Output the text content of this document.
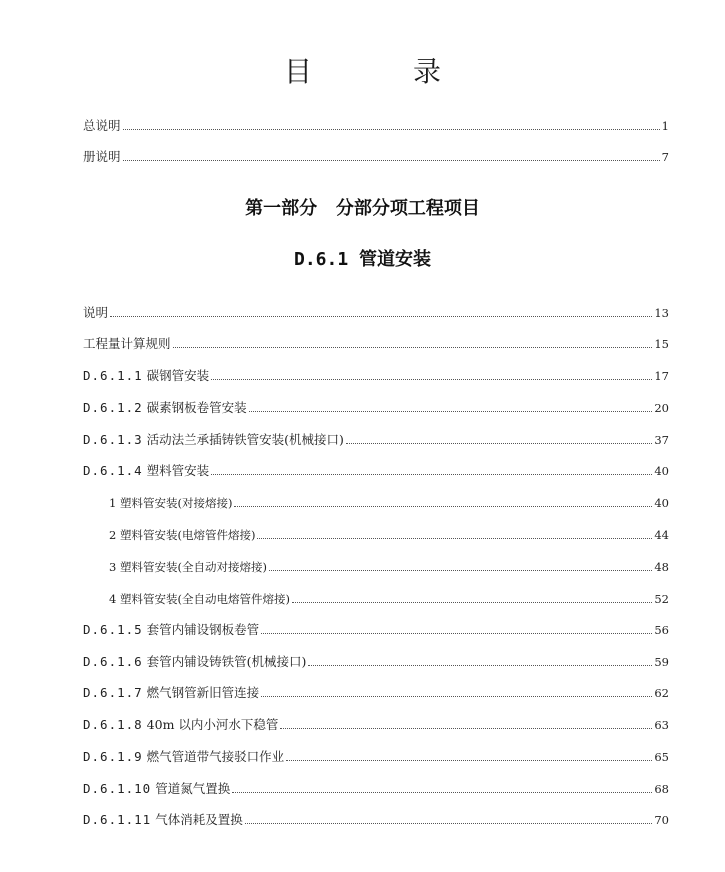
目 录
总说明	1
册说明	7
第一部分   分部分项工程项目
D.6.1 管道安装
说明	13
工程量计算规则	15
D.6.1.1 碳钢管安装	17
D.6.1.2 碳素钢板卷管安装	20
D.6.1.3 活动法兰承插铸铁管安装(机械接口)	37
D.6.1.4 塑料管安装	40
1 塑料管安装(对接熔接)	40
2 塑料管安装(电熔管件熔接)	44
3 塑料管安装(全自动对接熔接)	48
4 塑料管安装(全自动电熔管件熔接)	52
D.6.1.5 套管内铺设钢板卷管	56
D.6.1.6 套管内铺设铸铁管(机械接口)	59
D.6.1.7 燃气钢管新旧管连接	62
D.6.1.8 40m 以内小河水下稳管	63
D.6.1.9 燃气管道带气接驳口作业	65
D.6.1.10 管道氮气置换	68
D.6.1.11 气体消耗及置换	70
